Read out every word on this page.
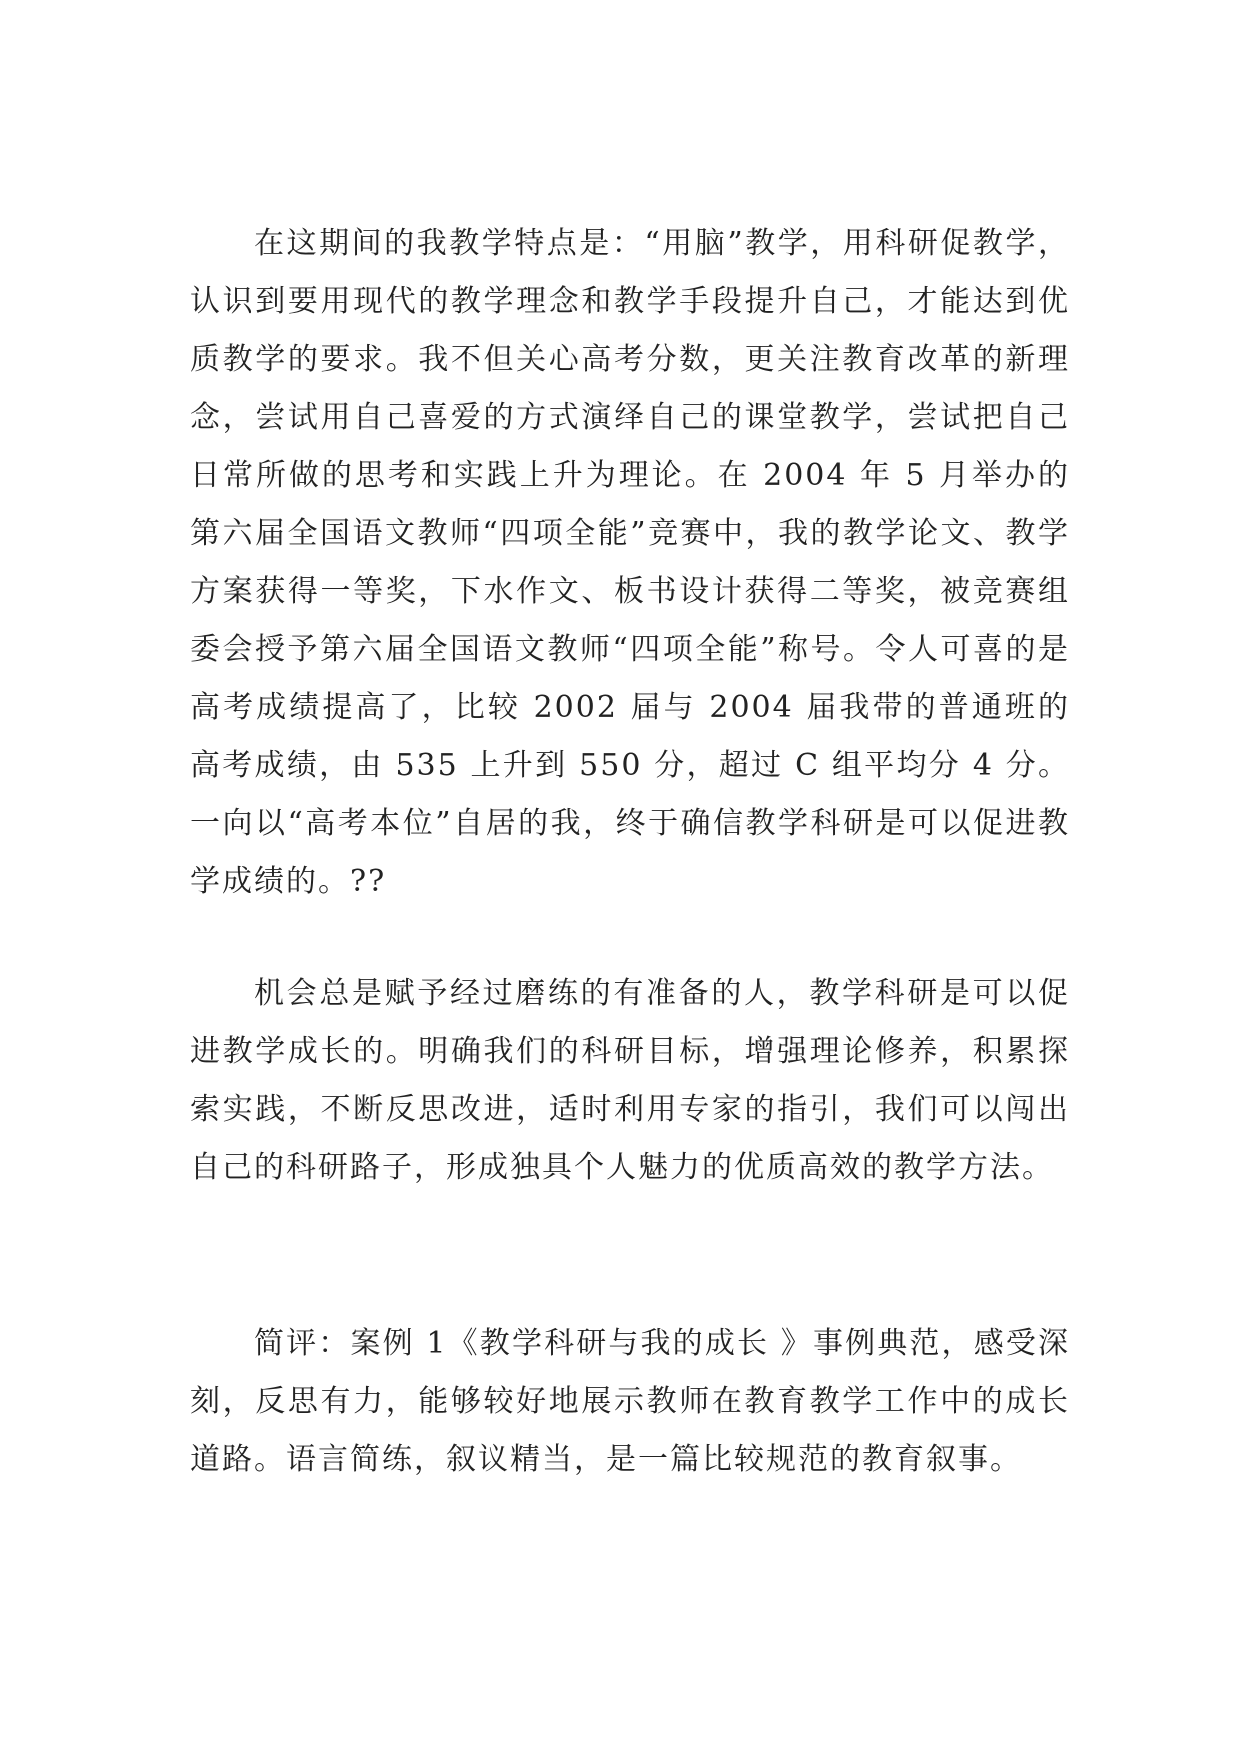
在这期间的我教学特点是：“用脑”教学，用科研促教学，认识到要用现代的教学理念和教学手段提升自己，才能达到优质教学的要求。我不但关心高考分数，更关注教育改革的新理念，尝试用自己喜爱的方式演绎自己的课堂教学，尝试把自己日常所做的思考和实践上升为理论。在 2004 年 5 月举办的第六届全国语文教师“四项全能”竞赛中，我的教学论文、教学方案获得一等奖，下水作文、板书设计获得二等奖，被竞赛组委会授予第六届全国语文教师“四项全能”称号。令人可喜的是高考成绩提高了，比较 2002 届与 2004 届我带的普通班的高考成绩，由 535 上升到 550 分，超过 C 组平均分 4 分。一向以“高考本位”自居的我，终于确信教学科研是可以促进教学成绩的。??

机会总是赋予经过磨练的有准备的人，教学科研是可以促进教学成长的。明确我们的科研目标，增强理论修养，积累探索实践，不断反思改进，适时利用专家的指引，我们可以闯出自己的科研路子，形成独具个人魅力的优质高效的教学方法。

简评：案例 1《教学科研与我的成长 》事例典范，感受深刻，反思有力，能够较好地展示教师在教育教学工作中的成长道路。语言简练，叙议精当，是一篇比较规范的教育叙事。
